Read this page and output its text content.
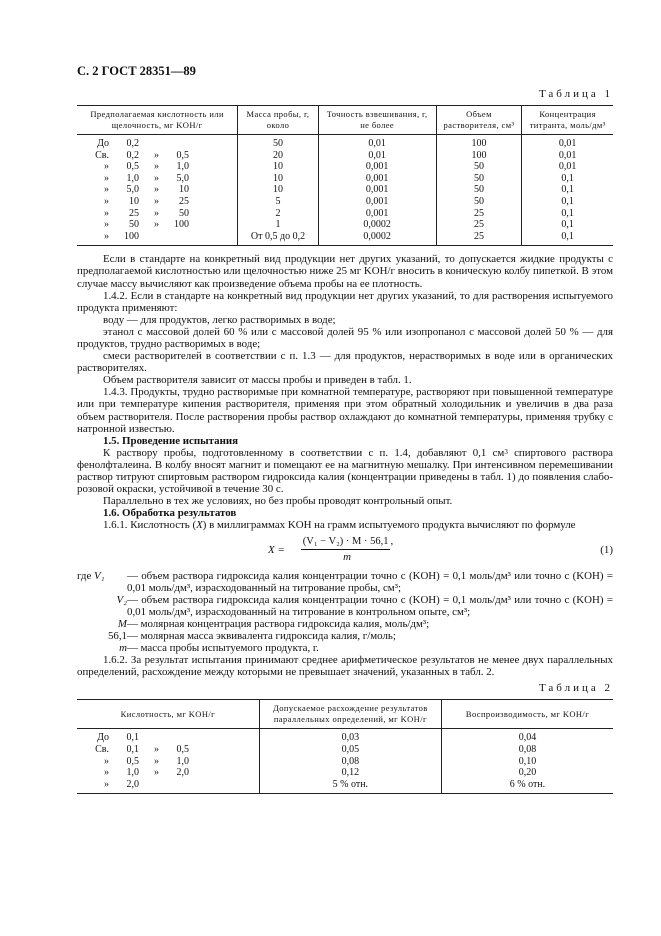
С. 2 ГОСТ 28351—89
Таблица 1
Предполагаемая кислотность или щелочность, мг KOH/г	Масса пробы, г, около	Точность взвешивания, г, не более	Объем растворителя, см³	Концентрация титранта, моль/дм³
До 0,2	50	0,01	100	0,01
Св. 0,2 » 0,5	20	0,01	100	0,01
» 0,5 » 1,0	10	0,001	50	0,01
» 1,0 » 5,0	10	0,001	50	0,1
» 5,0 » 10	10	0,001	50	0,1
» 10 » 25	5	0,001	50	0,1
» 25 » 50	2	0,001	25	0,1
» 50 » 100	1	0,0002	25	0,1
» 100	От 0,5 до 0,2	0,0002	25	0,1

Если в стандарте на конкретный вид продукции нет других указаний, то допускается жидкие продукты с предполагаемой кислотностью или щелочностью ниже 25 мг KOH/г вносить в коническую колбу пипеткой. В этом случае массу вычисляют как произведение объема пробы на ее плотность.

1.4.2. Если в стандарте на конкретный вид продукции нет других указаний, то для растворения испытуемого продукта применяют:

воду — для продуктов, легко растворимых в воде;

этанол с массовой долей 60 % или с массовой долей 95 % или изопропанол с массовой долей 50 % — для продуктов, трудно растворимых в воде;

смеси растворителей в соответствии с п. 1.3 — для продуктов, нерастворимых в воде или в органических растворителях.

Объем растворителя зависит от массы пробы и приведен в табл. 1.

1.4.3. Продукты, трудно растворимые при комнатной температуре, растворяют при повышенной температуре или при температуре кипения растворителя, применяя при этом обратный холодильник и увеличив в два раза объем растворителя. После растворения пробы раствор охлаждают до комнатной температуры, применяя трубку с натронной известью.

1.5. Проведение испытания

К раствору пробы, подготовленному в соответствии с п. 1.4, добавляют 0,1 $см^3$ спиртового раствора фенолфталеина. В колбу вносят магнит и помещают ее на магнитную мешалку. При интенсивном перемешивании раствор титруют спиртовым раствором гидроксида калия (концентрации приведены в табл. 1) до появления слабо-розовой окраски, устойчивой в течение 30 с.

Параллельно в тех же условиях, но без пробы проводят контрольный опыт.

1.6. Обработка результатов

1.6.1. Кислотность (X) в миллиграммах KOH на грамм испытуемого продукта вычисляют по формуле

X =
(V₁ − V₂) · M · 56,1 ,
m
(1)
где V₁ — объем раствора гидроксида калия концентрации точно c (KOH) = 0,1 моль/дм³ или точно c (KOH) = 0,01 моль/дм³, израсходованный на титрование пробы, см³;
V₂ — объем раствора гидроксида калия концентрации точно c (KOH) = 0,1 моль/дм³ или точно c (KOH) = 0,01 моль/дм³, израсходованный на титрование в контрольном опыте, см³;
M — молярная концентрация раствора гидроксида калия, моль/дм³;
56,1 — молярная масса эквивалента гидроксида калия, г/моль;
m — масса пробы испытуемого продукта, г.

1.6.2. За результат испытания принимают среднее арифметическое результатов не менее двух параллельных определений, расхождение между которыми не превышает значений, указанных в табл. 2.

Таблица 2
Кислотность, мг KOH/г	Допускаемое расхождение результатов параллельных определений, мг KOH/г	Воспроизводимость, мг KOH/г
До 0,1	0,03	0,04
Св. 0,1 » 0,5	0,05	0,08
» 0,5 » 1,0	0,08	0,10
» 1,0 » 2,0	0,12	0,20
» 2,0	5 % отн.	6 % отн.
